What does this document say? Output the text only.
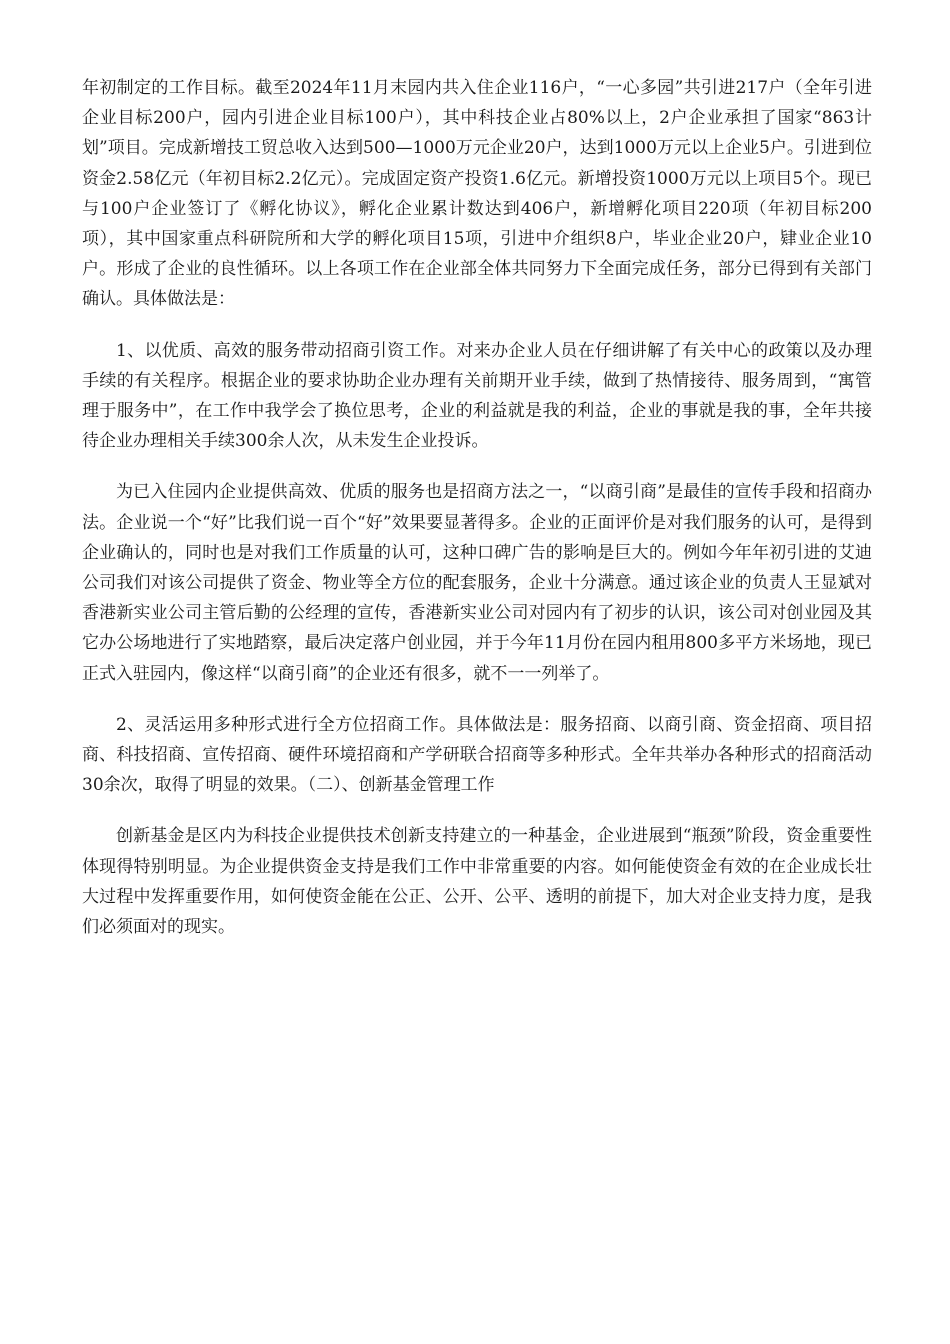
年初制定的工作目标。截至2024年11月末园内共入住企业116户，“一心多园”共引进217户（全年引进企业目标200户，园内引进企业目标100户），其中科技企业占80%以上，2户企业承担了国家“863计划”项目。完成新增技工贸总收入达到500—1000万元企业20户，达到1000万元以上企业5户。引进到位资金2.58亿元（年初目标2.2亿元）。完成固定资产投资1.6亿元。新增投资1000万元以上项目5个。现已与100户企业签订了《孵化协议》，孵化企业累计数达到406户，新增孵化项目220项（年初目标200项），其中国家重点科研院所和大学的孵化项目15项，引进中介组织8户，毕业企业20户，肄业企业10户。形成了企业的良性循环。以上各项工作在企业部全体共同努力下全面完成任务，部分已得到有关部门确认。具体做法是：

1、以优质、高效的服务带动招商引资工作。对来办企业人员在仔细讲解了有关中心的政策以及办理手续的有关程序。根据企业的要求协助企业办理有关前期开业手续，做到了热情接待、服务周到，“寓管理于服务中”，在工作中我学会了换位思考，企业的利益就是我的利益，企业的事就是我的事，全年共接待企业办理相关手续300余人次，从未发生企业投诉。

为已入住园内企业提供高效、优质的服务也是招商方法之一，“以商引商”是最佳的宣传手段和招商办法。企业说一个“好”比我们说一百个“好”效果要显著得多。企业的正面评价是对我们服务的认可，是得到企业确认的，同时也是对我们工作质量的认可，这种口碑广告的影响是巨大的。例如今年年初引进的艾迪公司我们对该公司提供了资金、物业等全方位的配套服务，企业十分满意。通过该企业的负责人王显斌对香港新实业公司主管后勤的公经理的宣传，香港新实业公司对园内有了初步的认识，该公司对创业园及其它办公场地进行了实地踏察，最后决定落户创业园，并于今年11月份在园内租用800多平方米场地，现已正式入驻园内，像这样“以商引商”的企业还有很多，就不一一列举了。

2、灵活运用多种形式进行全方位招商工作。具体做法是：服务招商、以商引商、资金招商、项目招商、科技招商、宣传招商、硬件环境招商和产学研联合招商等多种形式。全年共举办各种形式的招商活动30余次，取得了明显的效果。（二）、创新基金管理工作

创新基金是区内为科技企业提供技术创新支持建立的一种基金，企业进展到“瓶颈”阶段，资金重要性体现得特别明显。为企业提供资金支持是我们工作中非常重要的内容。如何能使资金有效的在企业成长壮大过程中发挥重要作用，如何使资金能在公正、公开、公平、透明的前提下，加大对企业支持力度，是我们必须面对的现实。
